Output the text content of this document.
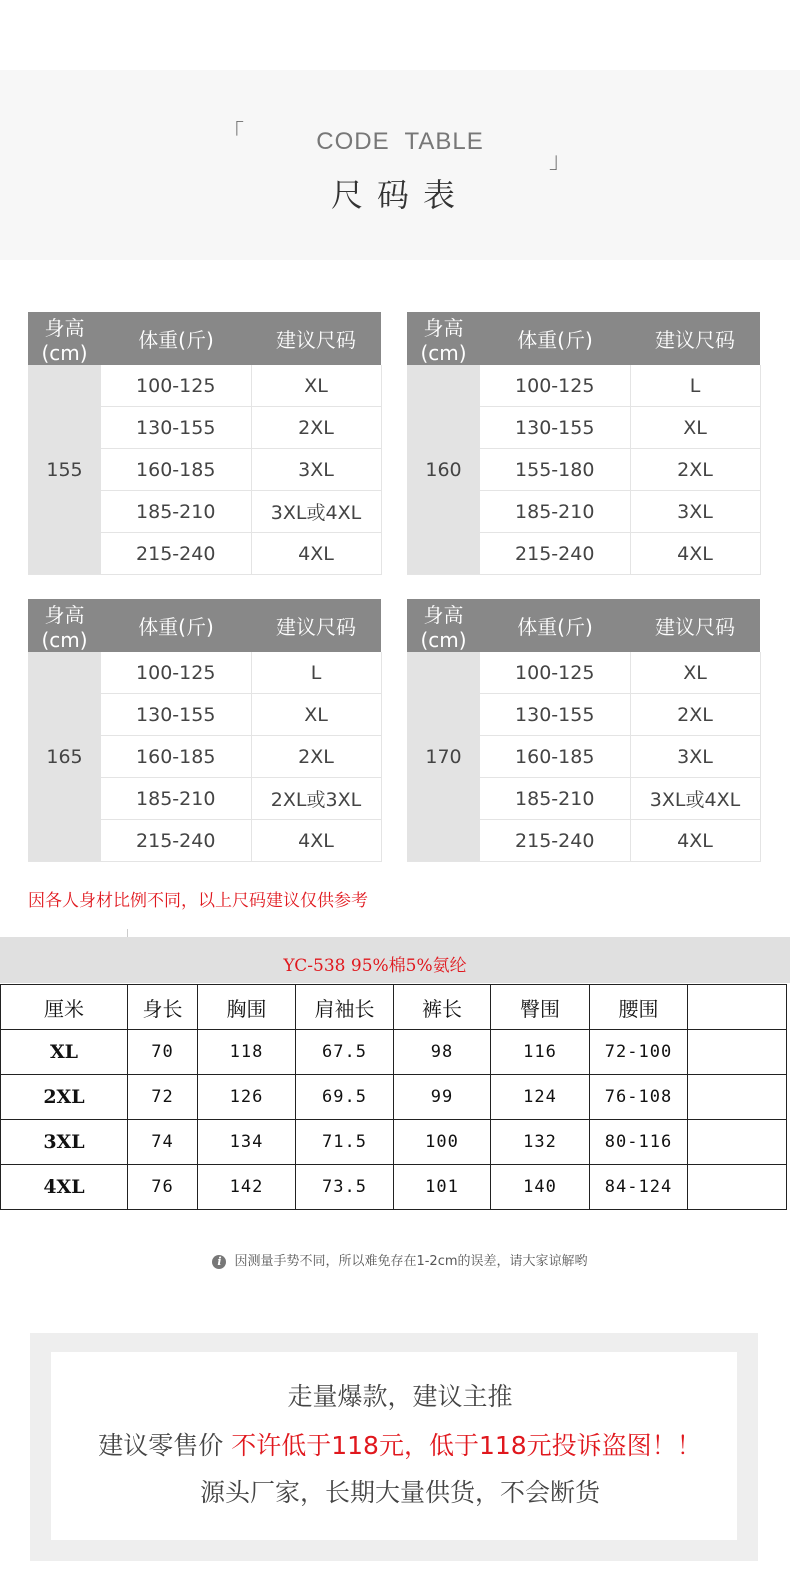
「
」
CODE  TABLE
尺码表
身高(cm)	体重(斤)	建议尺码
155	100-125	XL
	130-155	2XL
	160-185	3XL
	185-210	3XL或4XL
	215-240	4XL
身高(cm)	体重(斤)	建议尺码
160	100-125	L
	130-155	XL
	155-180	2XL
	185-210	3XL
	215-240	4XL
身高(cm)	体重(斤)	建议尺码
165	100-125	L
	130-155	XL
	160-185	2XL
	185-210	2XL或3XL
	215-240	4XL
身高(cm)	体重(斤)	建议尺码
170	100-125	XL
	130-155	2XL
	160-185	3XL
	185-210	3XL或4XL
	215-240	4XL
因各人身材比例不同，以上尺码建议仅供参考
YC-538 95%棉5%氨纶
厘米	身长	胸围	肩袖长	裤长	臀围	腰围	
XL	70	118	67.5	98	116	72-100	
2XL	72	126	69.5	99	124	76-108	
3XL	74	134	71.5	100	132	80-116	
4XL	76	142	73.5	101	140	84-124	
i 因测量手势不同，所以难免存在1-2cm的误差，请大家谅解哟
走量爆款，建议主推
建议零售价 不许低于118元，低于118元投诉盗图！！
源头厂家，长期大量供货，不会断货
